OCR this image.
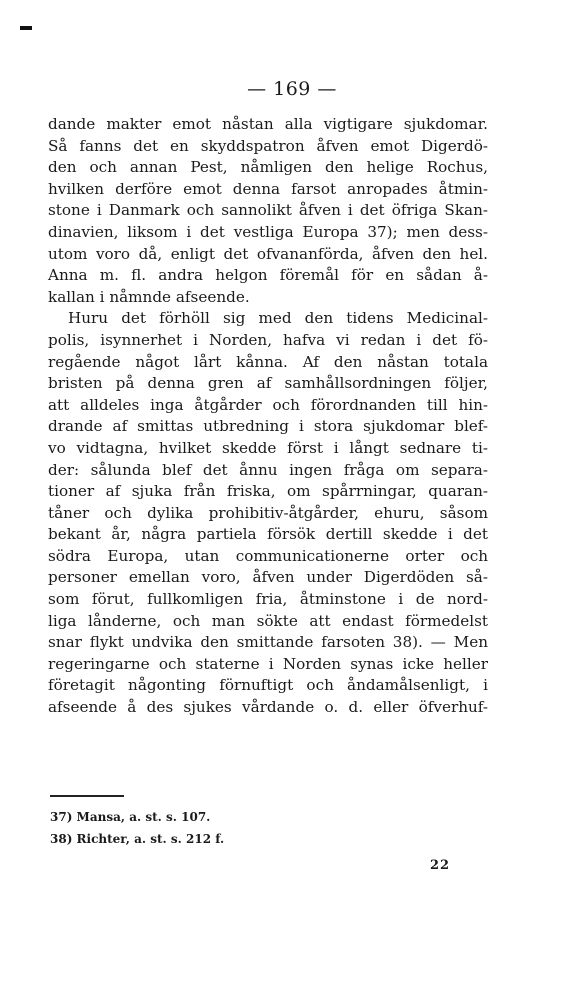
— 169 —
dande makter emot nåstan alla vigtigare sjukdomar.
Så fanns det en skyddspatron åfven emot Digerdö-
den och annan Pest, nåmligen den helige Rochus,
hvilken derföre emot denna farsot anropades åtmin-
stone i Danmark och sannolikt åfven i det öfriga Skan-
dinavien, liksom i det vestliga Europa 37); men dess-
utom voro då, enligt det ofvananförda, åfven den hel.
Anna m. fl. andra helgon föremål för en sådan å-
kallan i nåmnde afseende.
Huru det förhöll sig med den tidens Medicinal-
polis, isynnerhet i Norden, hafva vi redan i det fö-
regående något lårt kånna. Af den nåstan totala
bristen på denna gren af samhållsordningen följer,
att alldeles inga åtgårder och förordnanden till hin-
drande af smittas utbredning i stora sjukdomar blef-
vo vidtagna, hvilket skedde först i långt sednare ti-
der: sålunda blef det ånnu ingen fråga om separa-
tioner af sjuka från friska, om spårrningar, quaran-
tåner och dylika prohibitiv-åtgårder, ehuru, såsom
bekant år, några partiela försök dertill skedde i det
södra Europa, utan communicationerne orter och
personer emellan voro, åfven under Digerdöden så-
som förut, fullkomligen fria, åtminstone i de nord-
liga lånderne, och man sökte att endast förmedelst
snar flykt undvika den smittande farsoten 38). — Men
regeringarne och staterne i Norden synas icke heller
företagit någonting förnuftigt och åndamålsenligt, i
afseende å des sjukes vårdande o. d. eller öfverhuf-
37) Mansa, a. st. s. 107.
38) Richter, a. st. s. 212 f.
22
